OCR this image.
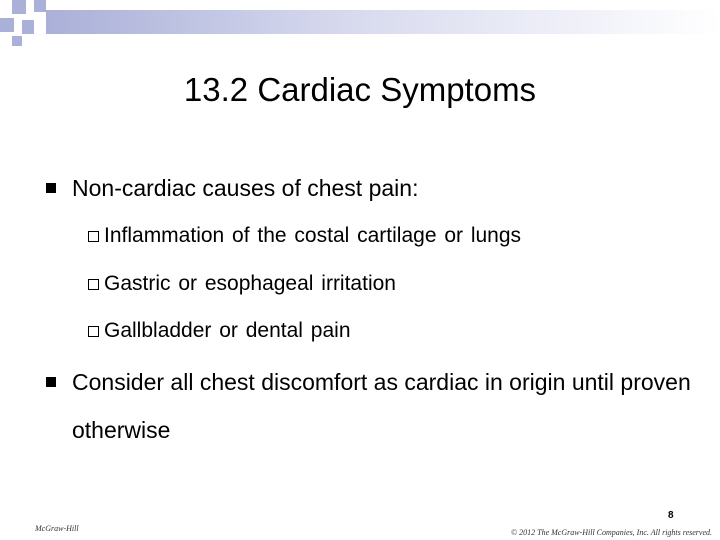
13.2 Cardiac Symptoms
Non-cardiac causes of chest pain:
Inflammation of the costal cartilage or lungs
Gastric or esophageal irritation
Gallbladder or dental pain
Consider all chest discomfort as cardiac in origin until proven otherwise
8
McGraw-Hill	© 2012 The McGraw-Hill Companies, Inc. All rights reserved.
